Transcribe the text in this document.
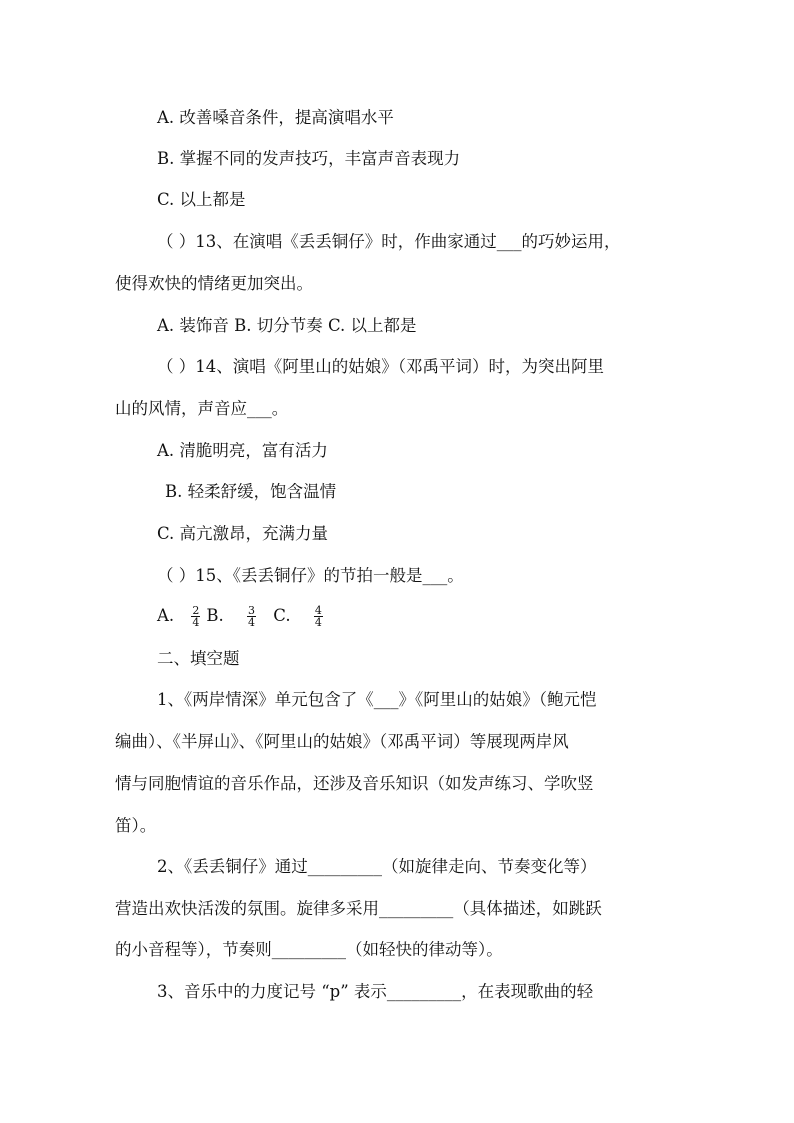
A. 改善嗓音条件，提高演唱水平
B. 掌握不同的发声技巧，丰富声音表现力
C. 以上都是
（ ）13、在演唱《丢丢铜仔》时，作曲家通过___的巧妙运用，
使得欢快的情绪更加突出。
A. 装饰音 B. 切分节奏 C. 以上都是
（ ）14、演唱《阿里山的姑娘》（邓禹平词）时，为突出阿里
山的风情，声音应___。
A. 清脆明亮，富有活力
B. 轻柔舒缓，饱含温情
C. 高亢激昂，充满力量
（ ）15、《丢丢铜仔》的节拍一般是___。
A. $\frac{2}{4} B$. $\frac{3}{4} C$. $\frac{4}{4}$
二、填空题
1、《两岸情深》单元包含了《___》《阿里山的姑娘》（鲍元恺
编曲）、《半屏山》、《阿里山的姑娘》（邓禹平词）等展现两岸风
情与同胞情谊的音乐作品，还涉及音乐知识（如发声练习、学吹竖
笛）。
2、《丢丢铜仔》通过_________（如旋律走向、节奏变化等）
营造出欢快活泼的氛围。旋律多采用_________（具体描述，如跳跃
的小音程等），节奏则_________（如轻快的律动等）。
3、音乐中的力度记号 “p” 表示_________，在表现歌曲的轻
